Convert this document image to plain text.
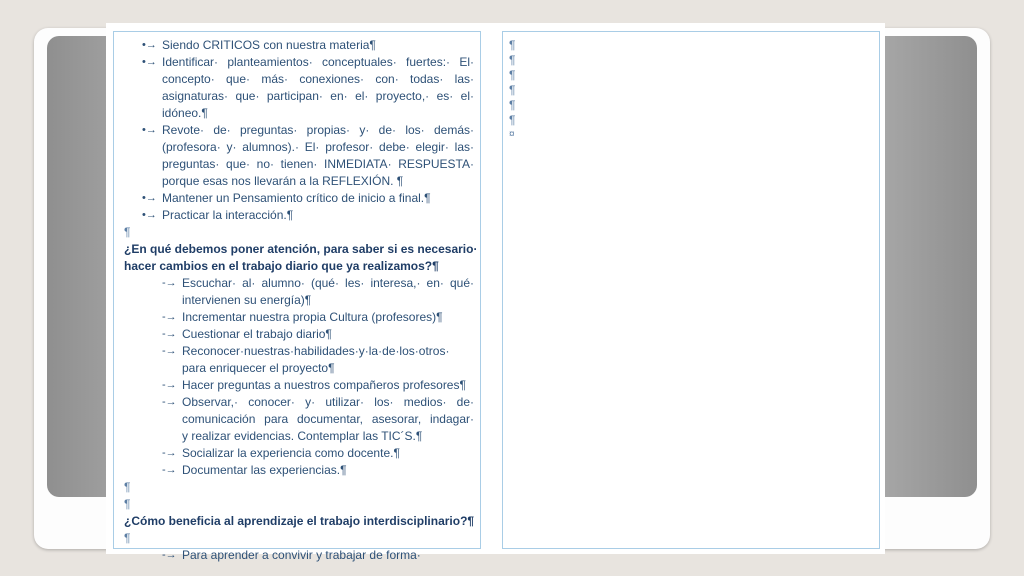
•→ Siendo CRITICOS con nuestra materia¶
•→ Identificar· planteamientos· conceptuales· fuertes:· El·
concepto· que· más· conexiones· con· todas· las·
asignaturas· que· participan· en· el· proyecto,· es· el·
idóneo.¶
•→ Revote· de· preguntas· propias· y· de· los· demás·
(profesora· y· alumnos).· El· profesor· debe· elegir· las·
preguntas· que· no· tienen· INMEDIATA· RESPUESTA·
porque esas nos llevarán a la REFLEXIÓN. ¶
•→ Mantener un Pensamiento crítico de inicio a final.¶
•→ Practicar la interacción.¶
¶
¿En qué debemos poner atención, para saber si es necesario·
hacer cambios en el trabajo diario que ya realizamos?¶
-→ Escuchar· al· alumno· (qué· les· interesa,· en· qué·
intervienen su energía)¶
-→ Incrementar nuestra propia Cultura (profesores)¶
-→ Cuestionar el trabajo diario¶
-→ Reconocer·nuestras·habilidades·y·la·de·los·otros·
para enriquecer el proyecto¶
-→ Hacer preguntas a nuestros compañeros profesores¶
-→ Observar,· conocer· y· utilizar· los· medios· de·
comunicación para documentar, asesorar, indagar·
y realizar evidencias. Contemplar las TIC´S.¶
-→ Socializar la experiencia como docente.¶
-→ Documentar las experiencias.¶
¶
¶
¿Cómo beneficia al aprendizaje el trabajo interdisciplinario?¶
¶
-→ Para aprender a convivir y trabajar de forma·
¶
¶
¶
¶
¶
¶
¤
